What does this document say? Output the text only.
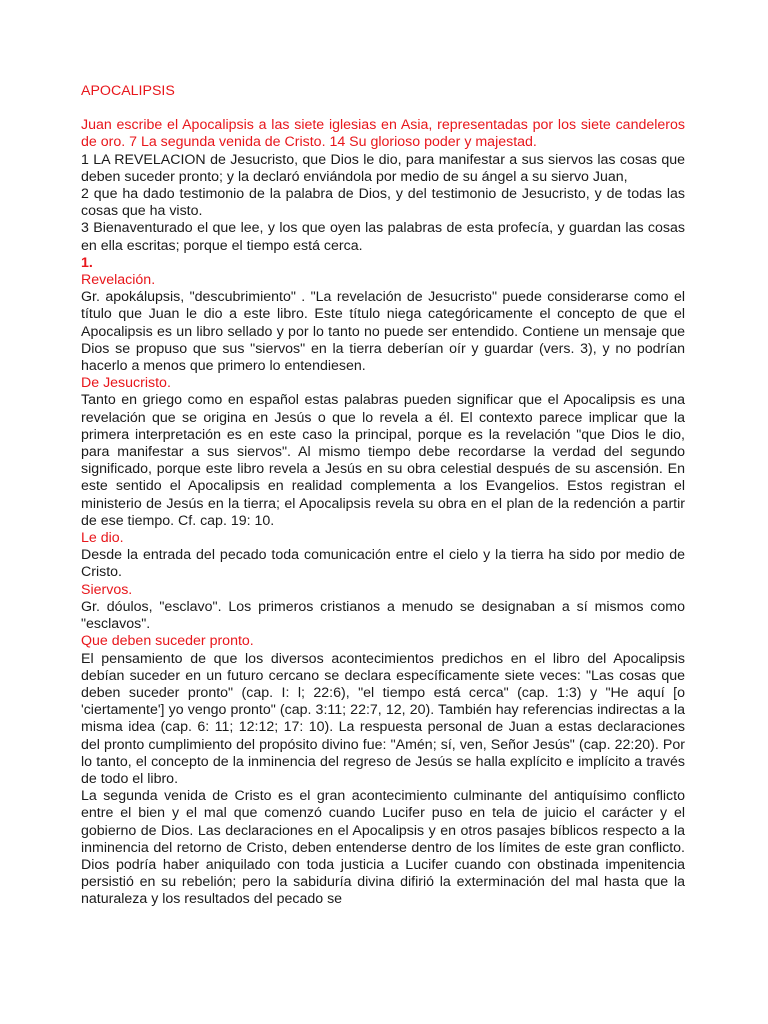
APOCALIPSIS

Juan escribe el Apocalipsis a las siete iglesias en Asia, representadas por los siete candeleros de oro. 7 La segunda venida de Cristo. 14 Su glorioso poder y majestad.

1 LA REVELACION de Jesucristo, que Dios le dio, para manifestar a sus siervos las cosas que deben suceder pronto; y la declaró enviándola por medio de su ángel a su siervo Juan,

2 que ha dado testimonio de la palabra de Dios, y del testimonio de Jesucristo, y de todas las cosas que ha visto.

3 Bienaventurado el que lee, y los que oyen las palabras de esta profecía, y guardan las cosas en ella escritas; porque el tiempo está cerca.

1.
Revelación.

Gr. apokálupsis, "descubrimiento" . "La revelación de Jesucristo" puede considerarse como el título que Juan le dio a este libro. Este título niega categóricamente el concepto de que el Apocalipsis es un libro sellado y por lo tanto no puede ser entendido. Contiene un mensaje que Dios se propuso que sus "siervos" en la tierra deberían oír y guardar (vers. 3), y no podrían hacerlo a menos que primero lo entendiesen.

De Jesucristo.

Tanto en griego como en español estas palabras pueden significar que el Apocalipsis es una revelación que se origina en Jesús o que lo revela a él. El contexto parece implicar que la primera interpretación es en este caso la principal, porque es la revelación "que Dios le dio, para manifestar a sus siervos". Al mismo tiempo debe recordarse la verdad del segundo significado, porque este libro revela a Jesús en su obra celestial después de su ascensión. En este sentido el Apocalipsis en realidad complementa a los Evangelios. Estos registran el ministerio de Jesús en la tierra; el Apocalipsis revela su obra en el plan de la redención a partir de ese tiempo. Cf. cap. 19: 10.

Le dio.

Desde la entrada del pecado toda comunicación entre el cielo y la tierra ha sido por medio de Cristo.

Siervos.

Gr. dóulos, "esclavo". Los primeros cristianos a menudo se designaban a sí mismos como "esclavos".

Que deben suceder pronto.

El pensamiento de que los diversos acontecimientos predichos en el libro del Apocalipsis debían suceder en un futuro cercano se declara específicamente siete veces: "Las cosas que deben suceder pronto" (cap. I: l; 22:6), "el tiempo está cerca" (cap. 1:3) y "He aquí [o 'ciertamente'] yo vengo pronto" (cap. 3:11; 22:7, 12, 20). También hay referencias indirectas a la misma idea (cap. 6: 11; 12:12; 17: 10). La respuesta personal de Juan a estas declaraciones del pronto cumplimiento del propósito divino fue: "Amén; sí, ven, Señor Jesús" (cap. 22:20). Por lo tanto, el concepto de la inminencia del regreso de Jesús se halla explícito e implícito a través de todo el libro.

La segunda venida de Cristo es el gran acontecimiento culminante del antiquísimo conflicto entre el bien y el mal que comenzó cuando Lucifer puso en tela de juicio el carácter y el gobierno de Dios. Las declaraciones en el Apocalipsis y en otros pasajes bíblicos respecto a la inminencia del retorno de Cristo, deben entenderse dentro de los límites de este gran conflicto. Dios podría haber aniquilado con toda justicia a Lucifer cuando con obstinada impenitencia persistió en su rebelión; pero la sabiduría divina difirió la exterminación del mal hasta que la naturaleza y los resultados del pecado se
